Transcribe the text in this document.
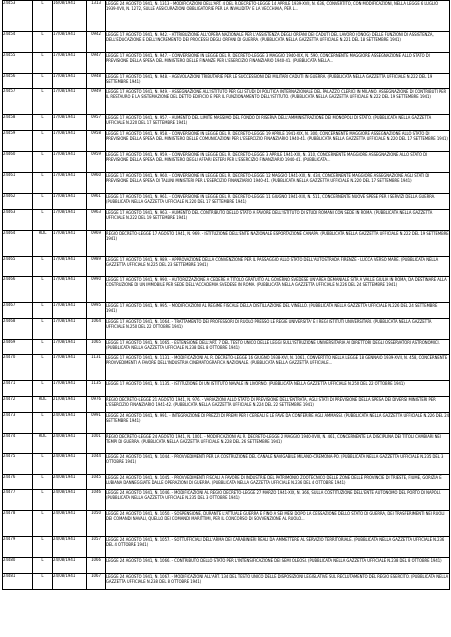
24453	L	16/08/1941	1313	LEGGE 24 AGOSTO 1941, N. 1313 - MODIFICAZIONI DELL'ART. 4 DEL R.DECRETO-LEGGE 14 APRILE 1939-XVII, N. 636, CONVERTITO, CON MODIFICAZIONI, NELLA LEGGE 6 LUGLIO 1939-XVII, N. 1272, SULLE ASSICURAZIONI OBBLIGATORIE PER LA INVALIDITA' E LA VECCHIAIA, PER L...
24454	L	17/08/1941	0942	LEGGE 17 AGOSTO 1941, N. 942. - ATTRIBUZIONE ALL'OPERA NAZIONALE PER L'ASSISTENZA DEGLI ORFANI DEI CADUTI DEL LAVORO (ONOG) DELLE FUNZIONI DI ASSISTENZA, DELL'EDUCAZIONE E DELL'INCREMENTO DEI PROCESSI DEGLI ORFANI DI GUERRA. (PUBBLICATA NELLA GAZZETTA UFFICIALE N.221 DEL 18 SETTEMBRE 1941)
24455	L	17/08/1941	0947	LEGGE 17 AGOSTO 1941, N. 947. - CONVERSIONE IN LEGGE DEL R. DECRETO-LEGGE 3 MAGGIO 1940-XIX, N. 590, CONCERNENTE MAGGIORE ASSEGNAZIONE ALLO STATO DI PREVISIONE DELLA SPESA DEL MINISTERO DELLE FINANZE PER L'ESERCIZIO FINANZIARIO 1940-41. (PUBBLICATA NELLA...
24456	L	17/08/1941	0948	LEGGE 17 AGOSTO 1941, N. 948. - AGEVOLAZIONI TRIBUTARIE PER LE SUCCESSIONI DEI MILITARI CADUTI IN GUERRA. (PUBBLICATA NELLA GAZZETTA UFFICIALE N.222 DEL 19 SETTEMBRE 1941)
24457	L	17/08/1941	0949	LEGGE 17 AGOSTO 1941, N. 949. - ASSEGNAZIONE ALL'ISTITUTO PER GLI STUDI DI POLITICA INTERNAZIONALE DEL PALAZZO CLERICI IN MILANO. ASSEGNAZIONE DI CONTRIBUTI PER IL RESTAURO E LA SISTEMAZIONE DEL DETTO EDIFICIO E PER IL FUNZIONAMENTO DELL'ISTITUTO. (PUBBLICATA NELLA GAZZETTA UFFICIALE N.222 DEL 19 SETTEMBRE 1941)
24458	L	17/08/1941	0957	LEGGE 17 AGOSTO 1941, N. 957. - AUMENTO DEL LIMITE MASSIMO DEL FONDO DI RISERVA DELL'AMMINISTRAZIONE DEI MONOPOLI DI STATO. (PUBBLICATA NELLA GAZZETTA UFFICIALE N.220 DEL 17 SETTEMBRE 1941)
24459	L	17/08/1941	0958	LEGGE 17 AGOSTO 1941, N. 958. - CONVERSIONE IN LEGGE DEL R. DECRETO-LEGGE 19 APRILE 1941-XIX, N. 300, CONCERNENTE MAGGIORE ASSEGNAZIONE ALLO STATO DI PREVISIONE DELLA SPESA DEL MINISTERO DELLE COMUNICAZIONI PER L'ESERCIZIO FINANZIARIO 1940-41. (PUBBLICATA NELLA GAZZETTA UFFICIALE N.220 DEL 17 SETTEMBRE 1941)
24460	L	17/08/1941	0959	LEGGE 17 AGOSTO 1941, N. 959. - CONVERSIONE IN LEGGE DEL R. DECRETO-LEGGE 3 APRILE 1941-XIX, N. 310, CONCERNENTE MAGGIORE ASSEGNAZIONE ALLO STATO DI PREVISIONE DELLA SPESA DEL MINISTERO DEGLI AFFARI ESTERI PER L'ESERCIZIO FINANZIARIO 1940-41. (PUBBLICATA...
24461	L	17/08/1941	0960	LEGGE 17 AGOSTO 1941, N. 960. - CONVERSIONE IN LEGGE DEL R. DECRETO-LEGGE 12 MAGGIO 1941-XIX, N. 434, CONCERNENTE MAGGIORE ASSEGNAZIONE AGLI STATI DI PREVISIONE DELLA SPESA DI TALUNI MINISTERI PER L'ESERCIZIO FINANZIARIO 1940-41. (PUBBLICATA NELLA GAZZETTA UFFICIALE N.220 DEL 17 SETTEMBRE 1941)
24462	L	17/08/1941	0961	LEGGE 17 AGOSTO 1941, N. 961. - CONVERSIONE IN LEGGE DEL R. DECRETO-LEGGE 11 GIUGNO 1941-XIX, N. 511, CONCERNENTE NUOVE SPESE PER I SERVIZI DELLA GUERRA. (PUBBLICATA NELLA GAZZETTA UFFICIALE N.220 DEL 17 SETTEMBRE 1941)
24463	L	17/08/1941	0963	LEGGE 17 AGOSTO 1941, N. 963. - AUMENTO DEL CONTRIBUTO DELLO STATO A FAVORE DELL'ISTITUTO DI STUDI ROMANI CON SEDE IN ROMA. (PUBBLICATA NELLA GAZZETTA UFFICIALE N.222 DEL 19 SETTEMBRE 1941)
24464	RDL	17/08/1941	0969	REGIO DECRETO-LEGGE 17 AGOSTO 1941, N. 969. - ISTITUZIONE DELL'ENTE NAZIONALE ESPORTAZIONE CANAPA. (PUBBLICATA NELLA GAZZETTA UFFICIALE N.222 DEL 19 SETTEMBRE 1941)
24465	L	17/08/1941	0989	LEGGE 17 AGOSTO 1941, N. 989. - APPROVAZIONE DELLA CONVENZIONE PER IL PASSAGGIO ALLO STATO DELL'AUTOSTRADA FIRENZE - LUCCA VERSO MARE. (PUBBLICATA NELLA GAZZETTA UFFICIALE N.225 DEL 23 SETTEMBRE 1941)
24466	L	17/08/1941	0990	LEGGE 17 AGOSTO 1941, N. 990. - AUTORIZZAZIONE A CEDERE A TITOLO GRATUITO AL GOVERNO SVEDESE UN'AREA DEMANIALE SITA A VALLE GIULIA IN ROMA, DA DESTINARE ALLA COSTRUZIONE DI UN IMMOBILE PER SEDE DELL'ACCADEMIA SVEDESE IN ROMA. (PUBBLICATA NELLA GAZZETTA UFFICIALE N.226 DEL 24 SETTEMBRE 1941)
24467	L	17/08/1941	0995	LEGGE 17 AGOSTO 1941, N. 995. - MODIFICAZIONI AL REGIME FISCALE DELLA DISTILLAZIONE DEL VINELLO. (PUBBLICATA NELLA GAZZETTA UFFICIALE N.226 DEL 24 SETTEMBRE 1941)
24468	L	17/08/1941	1064	LEGGE 17 AGOSTO 1941, N. 1064. - TRATTAMENTO DEI PROFESSORI DI RUOLO PRESSO LE REGIE UNIVERSITA' E I REGI ISTITUTI UNIVERSITARI. (PUBBLICATA NELLA GAZZETTA UFFICIALE N.250 DEL 22 OTTOBRE 1941)
24469	L	17/08/1941	1065	LEGGE 17 AGOSTO 1941, N. 1065. - ESTENSIONE DELL'ART. 7 DEL TESTO UNICO DELLE LEGGI SULL'ISTRUZIONE UNIVERSITARIA AI DIRETTORI DEGLI OSSERVATORI ASTRONOMICI. (PUBBLICATA NELLA GAZZETTA UFFICIALE N.238 DEL 8 OTTOBRE 1941)
24470	L	17/08/1941	1131	LEGGE 17 AGOSTO 1941, N. 1131. - MODIFICAZIONI AL R. DECRETO-LEGGE 16 GIUGNO 1938-XVI, N. 1061, CONVERTITO NELLA LEGGE 18 GENNAIO 1939-XVII, N. 458, CONCERNENTE PROVVEDIMENTI A FAVORE DELL'INDUSTRIA CINEMATOGRAFICA NAZIONALE. (PUBBLICATA NELLA GAZZETTA UFFICIALE...
24471	L	17/08/1941	1135	LEGGE 17 AGOSTO 1941, N. 1135. - ISTITUZIONE DI UN ISTITUTO NAVALE IN LIVORNO. (PUBBLICATA NELLA GAZZETTA UFFICIALE N.250 DEL 22 OTTOBRE 1941)
24472	RDL	21/08/1941	0976	REGIO DECRETO-LEGGE 21 AGOSTO 1941, N. 976. - VARIAZIONI ALLO STATO DI PREVISIONE DELL'ENTRATA, AGLI STATI DI PREVISIONE DELLA SPESA DEI DIVERSI MINISTERI PER L'ESERCIZIO FINANZIARIO 1941-42. (PUBBLICATA NELLA GAZZETTA UFFICIALE N.224 DEL 22 SETTEMBRE 1941)
24473	L	24/08/1941	0991	LEGGE 24 AGOSTO 1941, N. 991. - INTEGRAZIONE DI PREZZI DI PREMI PER I CEREALI E LE FAVE DA CONFERIRE AGLI AMMASSI. (PUBBLICATA NELLA GAZZETTA UFFICIALE N.226 DEL 24 SETTEMBRE 1941)
24474	RDL	24/08/1941	1001	REGIO DECRETO-LEGGE 24 AGOSTO 1941, N. 1001. - MODIFICAZIONI AL R. DECRETO-LEGGE 2 MAGGIO 1940-XVIII, N. 461, CONCERNENTE LA DISCIPLINA DEI TITOLI CAMBIARI NEI TEMPI DI GUERRA. (PUBBLICATA NELLA GAZZETTA UFFICIALE N.228 DEL 26 SETTEMBRE 1941)
24475	L	24/08/1941	1044	LEGGE 24 AGOSTO 1941, N. 1044. - PROVVEDIMENTI PER LA COSTRUZIONE DEL CANALE NAVIGABILE MILANO-CREMONA-PO. (PUBBLICATA NELLA GAZZETTA UFFICIALE N.235 DEL 3 OTTOBRE 1941)
24476	L	24/08/1941	1045	LEGGE 24 AGOSTO 1941, N. 1045. - PROVVEDIMENTI FISCALI A FAVORE DI INDUSTRIE DEL PATRIMONIO ZOOTECNICO DELLE ZONE DELLE PROVINCIE DI TRIESTE, FIUME, GORIZIA E LUBIANA DANNEGGIATE DALLE OPERAZIONI DI GUERRA. (PUBBLICATA NELLA GAZZETTA UFFICIALE N.236 DEL 4 OTTOBRE 1941)
24477	L	24/08/1941	1046	LEGGE 24 AGOSTO 1941, N. 1046. - MODIFICAZIONI AL REGIO DECRETO-LEGGE 27 MARZO 1941-XIX, N. 366, SULLA COSTITUZIONE DELL'ENTE AUTONOMO DEL PORTO DI NAPOLI. (PUBBLICATA NELLA GAZZETTA UFFICIALE N.235 DEL 3 OTTOBRE 1941)
24478	L	24/08/1941	1050	LEGGE 24 AGOSTO 1941, N. 1050. - SOSPENSIONE, DURANTE L'ATTUALE GUERRA E FINO A SEI MESI DOPO LA CESSAZIONE DELLO STATO DI GUERRA, DEI TRASFERIMENTI NEI RUOLI DEI COMANDI NAVALI, QUELLO DEI COMANDI MARITTIMI, PER IL CONCORSO DI SOVVENZIONE AL RUOLO...
24479	L	24/08/1941	1057	LEGGE 24 AGOSTO 1941, N. 1057. - SOTTUFFICIALI DELL'ARMA DEI CARABINIERI REALI DA AMMETTERE AL SERVIZIO TERRITORIALE. (PUBBLICATA NELLA GAZZETTA UFFICIALE N.236 DEL 4 OTTOBRE 1941)
24480	L	24/08/1941	1066	LEGGE 24 AGOSTO 1941, N. 1066. - CONTRIBUTO DELLO STATO PER L'INTENSIFICAZIONE DEI SEMI OLEOSI. (PUBBLICATA NELLA GAZZETTA UFFICIALE N.238 DEL 8 OTTOBRE 1941)
24481	L	24/08/1941	1067	LEGGE 24 AGOSTO 1941, N. 1067. - MODIFICAZIONI ALL'ART. 134 DEL TESTO UNICO DELLE DISPOSIZIONI LEGISLATIVE SUL RECLUTAMENTO DEL REGIO ESERCITO. (PUBBLICATA NELLA GAZZETTA UFFICIALE N.238 DEL 8 OTTOBRE 1941)
